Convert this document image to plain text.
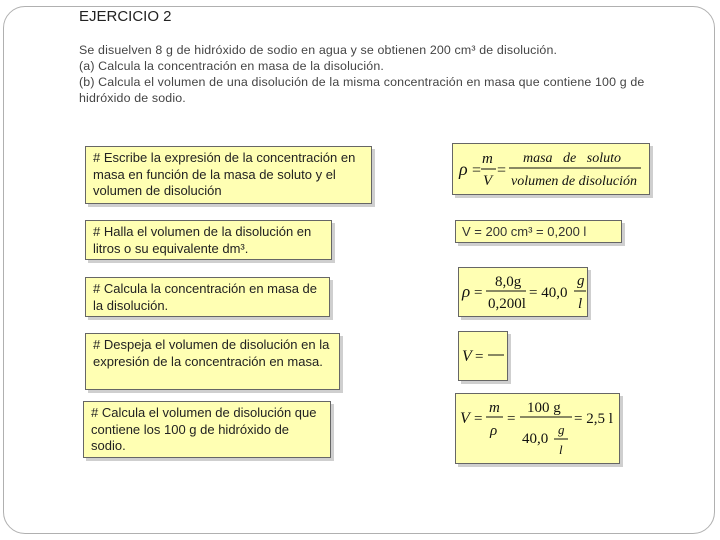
EJERCICIO 2
Se disuelven 8 g de hidróxido de sodio en agua y se obtienen 200 cm³ de disolución.
(a) Calcula la concentración en masa de la disolución.
(b) Calcula el volumen de una disolución de la misma concentración en masa que contiene 100 g de
hidróxido de sodio.
# Escribe la expresión de la concentración en masa en función de la masa de soluto y el volumen de disolución
# Halla el volumen de la disolución en litros o su equivalente dm³.
# Calcula la concentración en masa de la disolución.
# Despeja el volumen de disolución en la expresión de la concentración en masa.
# Calcula el volumen de disolución que contiene los 100 g de hidróxido de sodio.
ρ =
m
V
=
masa   de   soluto
volumen de disolución
V = 200 cm³ = 0,200 l
ρ =
8,0g
0,200l
= 40,0
g
l
V =
V =
m
ρ
=
100 g
40,0
g
l
= 2,5 l
